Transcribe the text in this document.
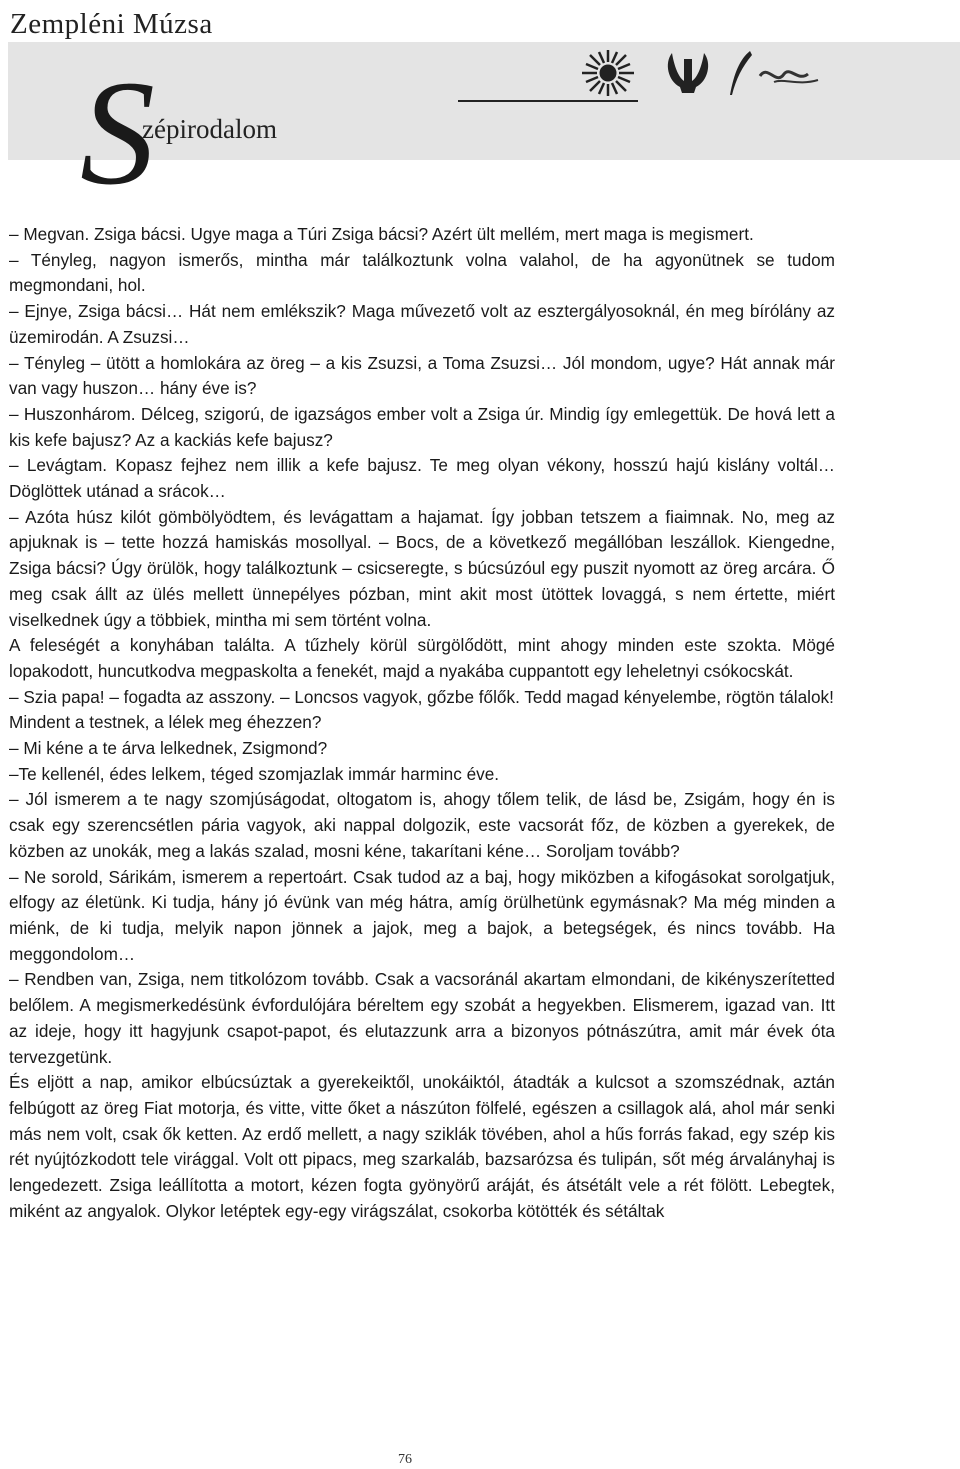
Zempléni Múzsa
S
zépirodalom

– Megvan. Zsiga bácsi. Ugye maga a Túri Zsiga bácsi? Azért ült mellém, mert maga is megismert.

– Tényleg, nagyon ismerős, mintha már találkoztunk volna valahol, de ha agyonütnek se tudom megmondani, hol.

– Ejnye, Zsiga bácsi… Hát nem emlékszik? Maga művezető volt az esztergályosoknál, én meg bírólány az üzemirodán. A Zsuzsi…

– Tényleg – ütött a homlokára az öreg – a kis Zsuzsi, a Toma Zsuzsi… Jól mondom, ugye? Hát annak már van vagy huszon… hány éve is?

– Huszonhárom. Délceg, szigorú, de igazságos ember volt a Zsiga úr. Mindig így emlegettük. De hová lett a kis kefe bajusz? Az a kackiás kefe bajusz?

– Levágtam. Kopasz fejhez nem illik a kefe bajusz. Te meg olyan vékony, hosszú hajú kislány voltál… Döglöttek utánad a srácok…

– Azóta húsz kilót gömbölyödtem, és levágattam a hajamat. Így jobban tetszem a fiaimnak. No, meg az apjuknak is – tette hozzá hamiskás mosollyal. – Bocs, de a következő megállóban leszállok. Kiengedne, Zsiga bácsi? Úgy örülök, hogy találkoztunk – csicseregte, s búcsúzóul egy puszit nyomott az öreg arcára. Ő meg csak állt az ülés mellett ünnepélyes pózban, mint akit most ütöttek lovaggá, s nem értette, miért viselkednek úgy a többiek, mintha mi sem történt volna.

A feleségét a konyhában találta. A tűzhely körül sürgölődött, mint ahogy minden este szokta. Mögé lopakodott, huncutkodva megpaskolta a fenekét, majd a nyakába cuppantott egy leheletnyi csókocskát.

– Szia papa! – fogadta az asszony. – Loncsos vagyok, gőzbe főlők. Tedd magad kényelembe, rögtön tálalok!

Mindent a testnek, a lélek meg éhezzen?

– Mi kéne a te árva lelkednek, Zsigmond?

–Te kellenél, édes lelkem, téged szomjazlak immár harminc éve.

– Jól ismerem a te nagy szomjúságodat, oltogatom is, ahogy tőlem telik, de lásd be, Zsigám, hogy én is csak egy szerencsétlen pária vagyok, aki nappal dolgozik, este vacsorát főz, de közben a gyerekek, de közben az unokák, meg a lakás szalad, mosni kéne, takarítani kéne… Soroljam tovább?

– Ne sorold, Sárikám, ismerem a repertoárt. Csak tudod az a baj, hogy miközben a kifogásokat sorolgatjuk, elfogy az életünk. Ki tudja, hány jó évünk van még hátra, amíg örülhetünk egymásnak? Ma még minden a miénk, de ki tudja, melyik napon jönnek a jajok, meg a bajok, a betegségek, és nincs tovább. Ha meggondolom…

– Rendben van, Zsiga, nem titkolózom tovább. Csak a vacsoránál akartam elmondani, de kikényszerítetted belőlem. A megismerkedésünk évfordulójára béreltem egy szobát a hegyekben. Elismerem, igazad van. Itt az ideje, hogy itt hagyjunk csapot-papot, és elutazzunk arra a bizonyos pótnászútra, amit már évek óta tervezgetünk.

És eljött a nap, amikor elbúcsúztak a gyerekeiktől, unokáiktól, átadták a kulcsot a szomszédnak, aztán felbúgott az öreg Fiat motorja, és vitte, vitte őket a nászúton fölfelé, egészen a csillagok alá, ahol már senki más nem volt, csak ők ketten. Az erdő mellett, a nagy sziklák tövében, ahol a hűs forrás fakad, egy szép kis rét nyújtózkodott tele virággal. Volt ott pipacs, meg szarkaláb, bazsarózsa és tulipán, sőt még árvalányhaj is lengedezett. Zsiga leállította a motort, kézen fogta gyönyörű aráját, és átsétált vele a rét fölött. Lebegtek, miként az angyalok. Olykor letéptek egy-egy virágszálat, csokorba kötötték és sétáltak

76
